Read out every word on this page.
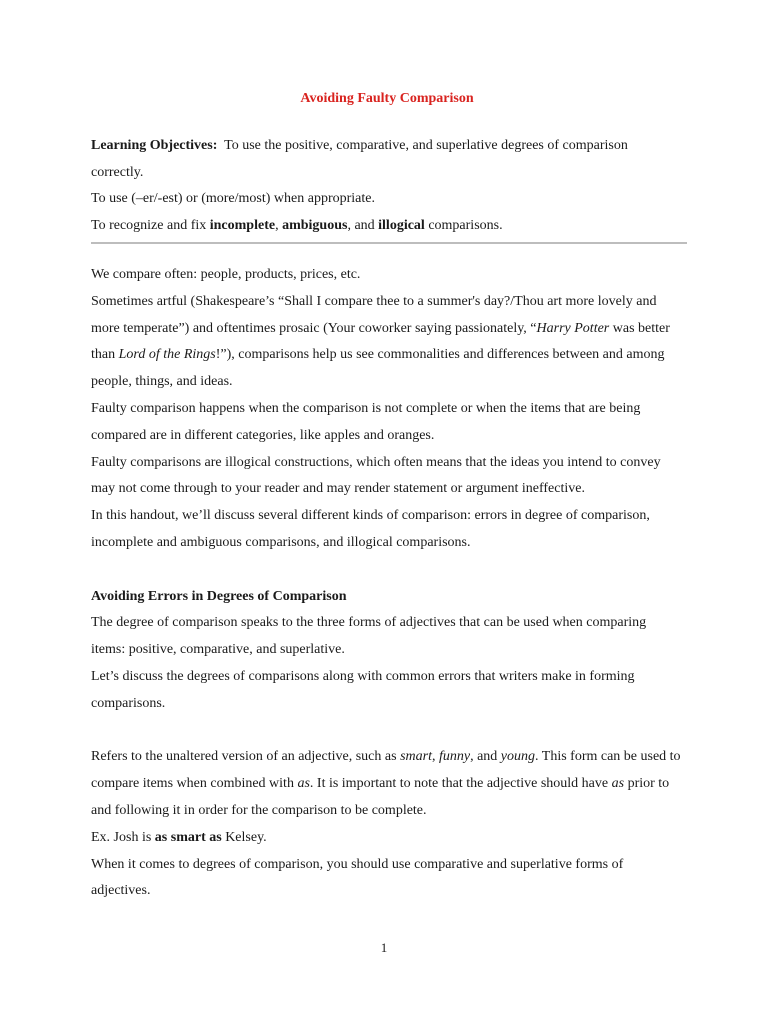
Avoiding Faulty Comparison

Learning Objectives: To use the positive, comparative, and superlative degrees of comparison correctly.

To use (–er/-est) or (more/most) when appropriate.

To recognize and fix incomplete, ambiguous, and illogical comparisons.

We compare often: people, products, prices, etc.

Sometimes artful (Shakespeare’s “Shall I compare thee to a summer's day?/Thou art more lovely and more temperate”) and oftentimes prosaic (Your coworker saying passionately, “Harry Potter was better than Lord of the Rings!”), comparisons help us see commonalities and differences between and among people, things, and ideas.

Faulty comparison happens when the comparison is not complete or when the items that are being compared are in different categories, like apples and oranges.

Faulty comparisons are illogical constructions, which often means that the ideas you intend to convey may not come through to your reader and may render statement or argument ineffective.

In this handout, we’ll discuss several different kinds of comparison: errors in degree of comparison, incomplete and ambiguous comparisons, and illogical comparisons.

Avoiding Errors in Degrees of Comparison

The degree of comparison speaks to the three forms of adjectives that can be used when comparing items: positive, comparative, and superlative.

Let’s discuss the degrees of comparisons along with common errors that writers make in forming comparisons.

Refers to the unaltered version of an adjective, such as smart, funny, and young. This form can be used to compare items when combined with as. It is important to note that the adjective should have as prior to and following it in order for the comparison to be complete.

Ex. Josh is as smart as Kelsey.

When it comes to degrees of comparison, you should use comparative and superlative forms of adjectives.

1
